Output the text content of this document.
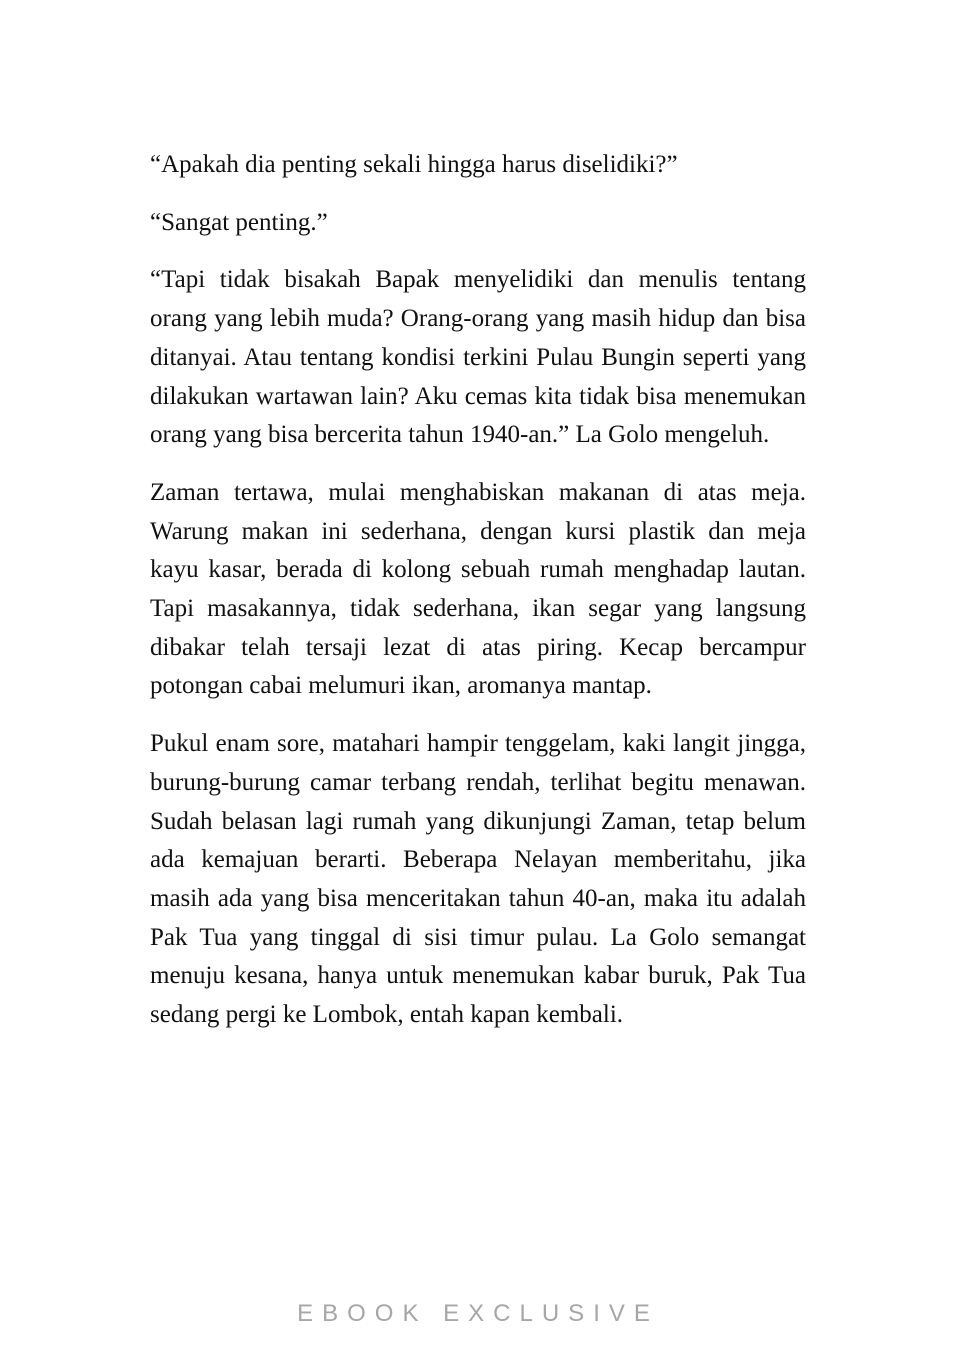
“Apakah dia penting sekali hingga harus diselidiki?”

“Sangat penting.”

“Tapi tidak bisakah Bapak menyelidiki dan menulis tentang orang yang lebih muda? Orang-orang yang masih hidup dan bisa ditanyai. Atau tentang kondisi terkini Pulau Bungin seperti yang dilakukan wartawan lain? Aku cemas kita tidak bisa menemukan orang yang bisa bercerita tahun 1940-an.” La Golo mengeluh.

Zaman tertawa, mulai menghabiskan makanan di atas meja. Warung makan ini sederhana, dengan kursi plastik dan meja kayu kasar, berada di kolong sebuah rumah menghadap lautan. Tapi masakannya, tidak sederhana, ikan segar yang langsung dibakar telah tersaji lezat di atas piring. Kecap bercampur potongan cabai melumuri ikan, aromanya mantap.

Pukul enam sore, matahari hampir tenggelam, kaki langit jingga, burung-burung camar terbang rendah, terlihat begitu menawan. Sudah belasan lagi rumah yang dikunjungi Zaman, tetap belum ada kemajuan berarti. Beberapa Nelayan memberitahu, jika masih ada yang bisa menceritakan tahun 40-an, maka itu adalah Pak Tua yang tinggal di sisi timur pulau. La Golo semangat menuju kesana, hanya untuk menemukan kabar buruk, Pak Tua sedang pergi ke Lombok, entah kapan kembali.

EBOOK EXCLUSIVE
